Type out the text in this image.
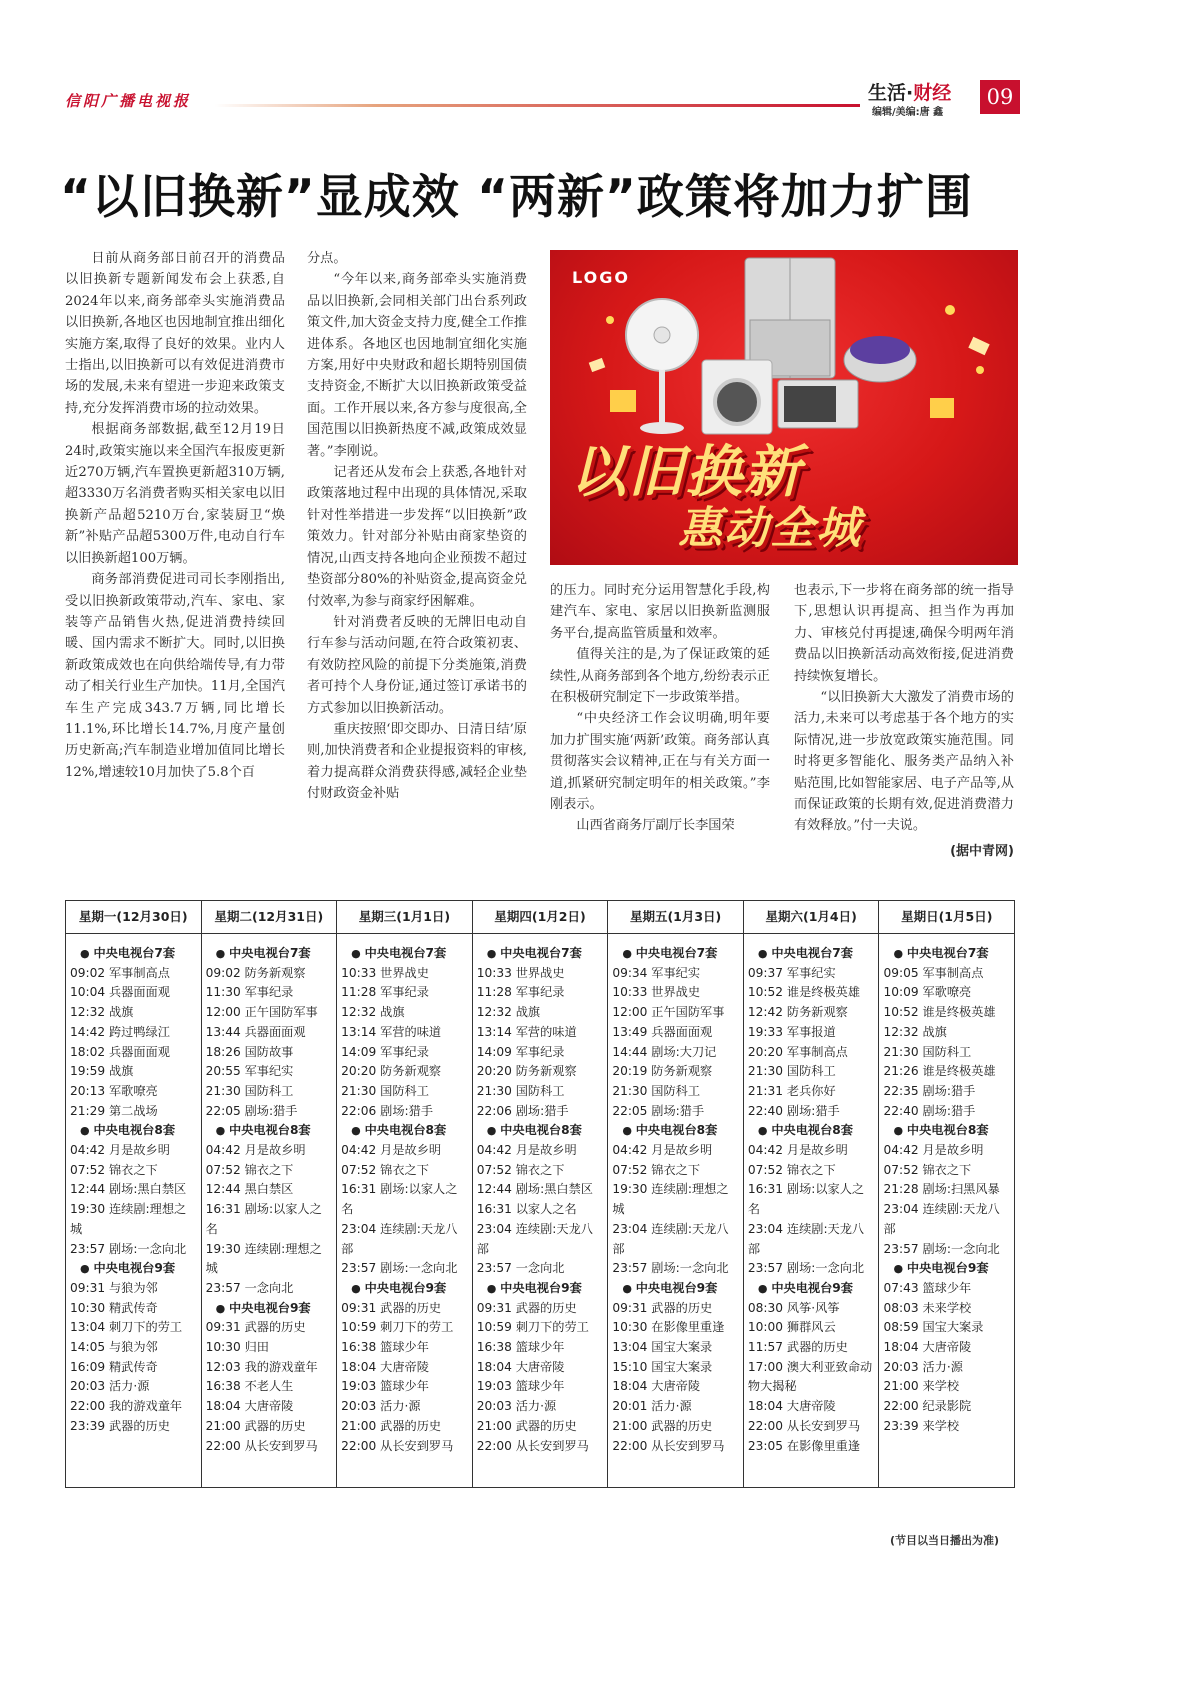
信阳广播电视报	生活·财经
编辑/美编:唐 鑫
09
“以旧换新”显成效 “两新”政策将加力扩围

日前从商务部日前召开的消费品以旧换新专题新闻发布会上获悉,自2024年以来,商务部牵头实施消费品以旧换新,各地区也因地制宜推出细化实施方案,取得了良好的效果。业内人士指出,以旧换新可以有效促进消费市场的发展,未来有望进一步迎来政策支持,充分发挥消费市场的拉动效果。

根据商务部数据,截至12月19日24时,政策实施以来全国汽车报废更新近270万辆,汽车置换更新超310万辆,超3330万名消费者购买相关家电以旧换新产品超5210万台,家装厨卫“焕新”补贴产品超5300万件,电动自行车以旧换新超100万辆。

商务部消费促进司司长李刚指出,受以旧换新政策带动,汽车、家电、家装等产品销售火热,促进消费持续回暖、国内需求不断扩大。同时,以旧换新政策成效也在向供给端传导,有力带动了相关行业生产加快。11月,全国汽车生产完成343.7万辆,同比增长11.1%,环比增长14.7%,月度产量创历史新高;汽车制造业增加值同比增长12%,增速较10月加快了5.8个百

分点。

“今年以来,商务部牵头实施消费品以旧换新,会同相关部门出台系列政策文件,加大资金支持力度,健全工作推进体系。各地区也因地制宜细化实施方案,用好中央财政和超长期特别国债支持资金,不断扩大以旧换新政策受益面。工作开展以来,各方参与度很高,全国范围以旧换新热度不减,政策成效显著。”李刚说。

记者还从发布会上获悉,各地针对政策落地过程中出现的具体情况,采取针对性举措进一步发挥“以旧换新”政策效力。针对部分补贴由商家垫资的情况,山西支持各地向企业预拨不超过垫资部分80%的补贴资金,提高资金兑付效率,为参与商家纾困解难。

针对消费者反映的无牌旧电动自行车参与活动问题,在符合政策初衷、有效防控风险的前提下分类施策,消费者可持个人身份证,通过签订承诺书的方式参加以旧换新活动。

重庆按照‘即交即办、日清日结’原则,加快消费者和企业提报资料的审核,着力提高群众消费获得感,减轻企业垫付财政资金补贴

LOGO
以旧换新
惠动全城

的压力。同时充分运用智慧化手段,构建汽车、家电、家居以旧换新监测服务平台,提高监管质量和效率。

值得关注的是,为了保证政策的延续性,从商务部到各个地方,纷纷表示正在积极研究制定下一步政策举措。

“中央经济工作会议明确,明年要加力扩围实施‘两新’政策。商务部认真贯彻落实会议精神,正在与有关方面一道,抓紧研究制定明年的相关政策。”李刚表示。

山西省商务厅副厅长李国荣

也表示,下一步将在商务部的统一指导下,思想认识再提高、担当作为再加力、审核兑付再提速,确保今明两年消费品以旧换新活动高效衔接,促进消费持续恢复增长。

“以旧换新大大激发了消费市场的活力,未来可以考虑基于各个地方的实际情况,进一步放宽政策实施范围。同时将更多智能化、服务类产品纳入补贴范围,比如智能家居、电子产品等,从而保证政策的长期有效,促进消费潜力有效释放。”付一夫说。

(据中青网)

星期一(12月30日)
● 中央电视台7套
09:02 军事制高点
10:04 兵器面面观
12:32 战旗
14:42 跨过鸭绿江
18:02 兵器面面观
19:59 战旗
20:13 军歌嘹亮
21:29 第二战场
● 中央电视台8套
04:42 月是故乡明
07:52 锦衣之下
12:44 剧场:黑白禁区
19:30 连续剧:理想之城
23:57 剧场:一念向北
● 中央电视台9套
09:31 与狼为邻
10:30 精武传奇
13:04 刺刀下的劳工
14:05 与狼为邻
16:09 精武传奇
20:03 活力·源
22:00 我的游戏童年
23:39 武器的历史
星期二(12月31日)
● 中央电视台7套
09:02 防务新观察
11:30 军事纪录
12:00 正午国防军事
13:44 兵器面面观
18:26 国防故事
20:55 军事纪实
21:30 国防科工
22:05 剧场:猎手
● 中央电视台8套
04:42 月是故乡明
07:52 锦衣之下
12:44 黑白禁区
16:31 剧场:以家人之名
19:30 连续剧:理想之城
23:57 一念向北
● 中央电视台9套
09:31 武器的历史
10:30 归田
12:03 我的游戏童年
16:38 不老人生
18:04 大唐帝陵
21:00 武器的历史
22:00 从长安到罗马
星期三(1月1日)
● 中央电视台7套
10:33 世界战史
11:28 军事纪录
12:32 战旗
13:14 军营的味道
14:09 军事纪录
20:20 防务新观察
21:30 国防科工
22:06 剧场:猎手
● 中央电视台8套
04:42 月是故乡明
07:52 锦衣之下
16:31 剧场:以家人之名
23:04 连续剧:天龙八部
23:57 剧场:一念向北
● 中央电视台9套
09:31 武器的历史
10:59 刺刀下的劳工
16:38 篮球少年
18:04 大唐帝陵
19:03 篮球少年
20:03 活力·源
21:00 武器的历史
22:00 从长安到罗马
星期四(1月2日)
● 中央电视台7套
10:33 世界战史
11:28 军事纪录
12:32 战旗
13:14 军营的味道
14:09 军事纪录
20:20 防务新观察
21:30 国防科工
22:06 剧场:猎手
● 中央电视台8套
04:42 月是故乡明
07:52 锦衣之下
12:44 剧场:黑白禁区
16:31 以家人之名
23:04 连续剧:天龙八部
23:57 一念向北
● 中央电视台9套
09:31 武器的历史
10:59 刺刀下的劳工
16:38 篮球少年
18:04 大唐帝陵
19:03 篮球少年
20:03 活力·源
21:00 武器的历史
22:00 从长安到罗马
星期五(1月3日)
● 中央电视台7套
09:34 军事纪实
10:33 世界战史
12:00 正午国防军事
13:49 兵器面面观
14:44 剧场:大刀记
20:19 防务新观察
21:30 国防科工
22:05 剧场:猎手
● 中央电视台8套
04:42 月是故乡明
07:52 锦衣之下
19:30 连续剧:理想之城
23:04 连续剧:天龙八部
23:57 剧场:一念向北
● 中央电视台9套
09:31 武器的历史
10:30 在影像里重逢
13:04 国宝大案录
15:10 国宝大案录
18:04 大唐帝陵
20:01 活力·源
21:00 武器的历史
22:00 从长安到罗马
星期六(1月4日)
● 中央电视台7套
09:37 军事纪实
10:52 谁是终极英雄
12:42 防务新观察
19:33 军事报道
20:20 军事制高点
21:30 国防科工
21:31 老兵你好
22:40 剧场:猎手
● 中央电视台8套
04:42 月是故乡明
07:52 锦衣之下
16:31 剧场:以家人之名
23:04 连续剧:天龙八部
23:57 剧场:一念向北
● 中央电视台9套
08:30 风筝·风筝
10:00 狮群风云
11:57 武器的历史
17:00 澳大利亚致命动物大揭秘
18:04 大唐帝陵
22:00 从长安到罗马
23:05 在影像里重逢
星期日(1月5日)
● 中央电视台7套
09:05 军事制高点
10:09 军歌嘹亮
10:52 谁是终极英雄
12:32 战旗
21:30 国防科工
21:26 谁是终极英雄
22:35 剧场:猎手
22:40 剧场:猎手
● 中央电视台8套
04:42 月是故乡明
07:52 锦衣之下
21:28 剧场:扫黑风暴
23:04 连续剧:天龙八部
23:57 剧场:一念向北
● 中央电视台9套
07:43 篮球少年
08:03 未来学校
08:59 国宝大案录
18:04 大唐帝陵
20:03 活力·源
21:00 来学校
22:00 纪录影院
23:39 来学校
(节目以当日播出为准)
